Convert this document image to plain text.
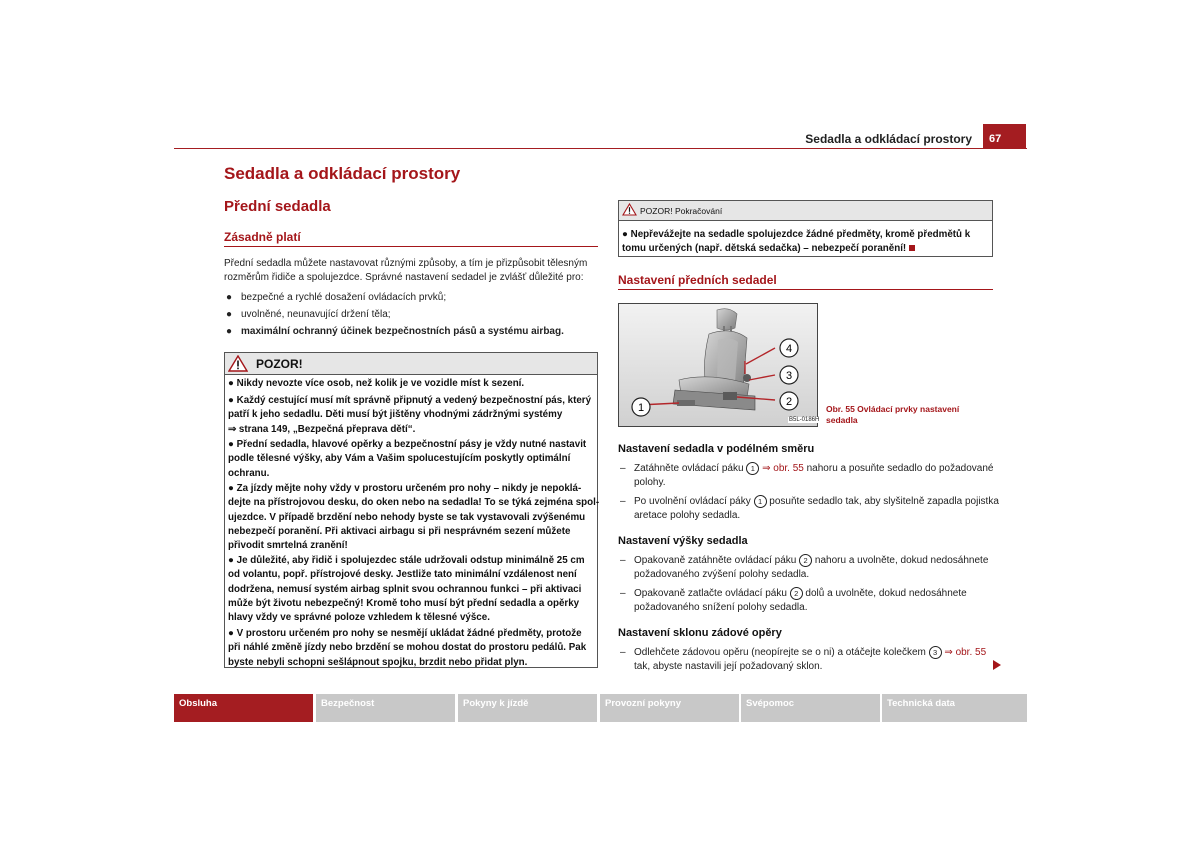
Sedadla a odkládací prostory	67
Sedadla a odkládací prostory
Přední sedadla
Zásadně platí

Přední sedadla můžete nastavovat různými způsoby, a tím je přizpůsobit tělesným

rozměrům řidiče a spolujezdce. Správné nastavení sedadel je zvlášť důležité pro:

● bezpečné a rychlé dosažení ovládacích prvků;
● uvolněné, neunavující držení těla;
● maximální ochranný účinek bezpečnostních pásů a systému airbag.
POZOR!

● Nikdy nevozte více osob, než kolik je ve vozidle míst k sezení.

● Každý cestující musí mít správně připnutý a vedený bezpečnostní pás, který
patří k jeho sedadlu. Děti musí být jištěny vhodnými zádržnými systémy
⇒ strana 149, „Bezpečná přeprava dětí“.

● Přední sedadla, hlavové opěrky a bezpečnostní pásy je vždy nutné nastavit
podle tělesné výšky, aby Vám a Vašim spolucestujícím poskytly optimální
ochranu.

● Za jízdy mějte nohy vždy v prostoru určeném pro nohy – nikdy je nepoklá-
dejte na přístrojovou desku, do oken nebo na sedadla! To se týká zejména spol-
ujezdce. V případě brzdění nebo nehody byste se tak vystavovali zvýšenému
nebezpečí poranění. Při aktivaci airbagu si při nesprávném sezení můžete
přivodit smrtelná zranění!

● Je důležité, aby řidič i spolujezdec stále udržovali odstup minimálně 25 cm
od volantu, popř. přístrojové desky. Jestliže tato minimální vzdálenost není
dodržena, nemusí systém airbag splnit svou ochrannou funkci – při aktivaci
může být životu nebezpečný! Kromě toho musí být přední sedadla a opěrky
hlavy vždy ve správné poloze vzhledem k tělesné výšce.

● V prostoru určeném pro nohy se nesmějí ukládat žádné předměty, protože
při náhlé změně jízdy nebo brzdění se mohou dostat do prostoru pedálů. Pak
byste nebyli schopni sešlápnout spojku, brzdit nebo přidat plyn.

POZOR! Pokračování
● Nepřevážejte na sedadle spolujezdce žádné předměty, kromě předmětů k
tomu určených (např. dětská sedačka) – nebezpečí poranění!
Nastavení předních sedadel
1	2
3
4
B5L-0186H
Obr. 55 Ovládací prvky nastavení
sedadla
Nastavení sedadla v podélném směru
– Zatáhněte ovládací páku 1 ⇒ obr. 55 nahoru a posuňte sedadlo do požadované
polohy.
– Po uvolnění ovládací páky 1 posuňte sedadlo tak, aby slyšitelně zapadla pojistka
aretace polohy sedadla.
Nastavení výšky sedadla
– Opakovaně zatáhněte ovládací páku 2 nahoru a uvolněte, dokud nedosáhnete
požadovaného zvýšení polohy sedadla.
– Opakovaně zatlačte ovládací páku 2 dolů a uvolněte, dokud nedosáhnete
požadovaného snížení polohy sedadla.
Nastavení sklonu zádové opěry
– Odlehčete zádovou opěru (neopírejte se o ni) a otáčejte kolečkem 3 ⇒ obr. 55
tak, abyste nastavili její požadovaný sklon.
Obsluha	Bezpečnost	Pokyny k jízdě	Provozní pokyny	Svépomoc	Technická data
